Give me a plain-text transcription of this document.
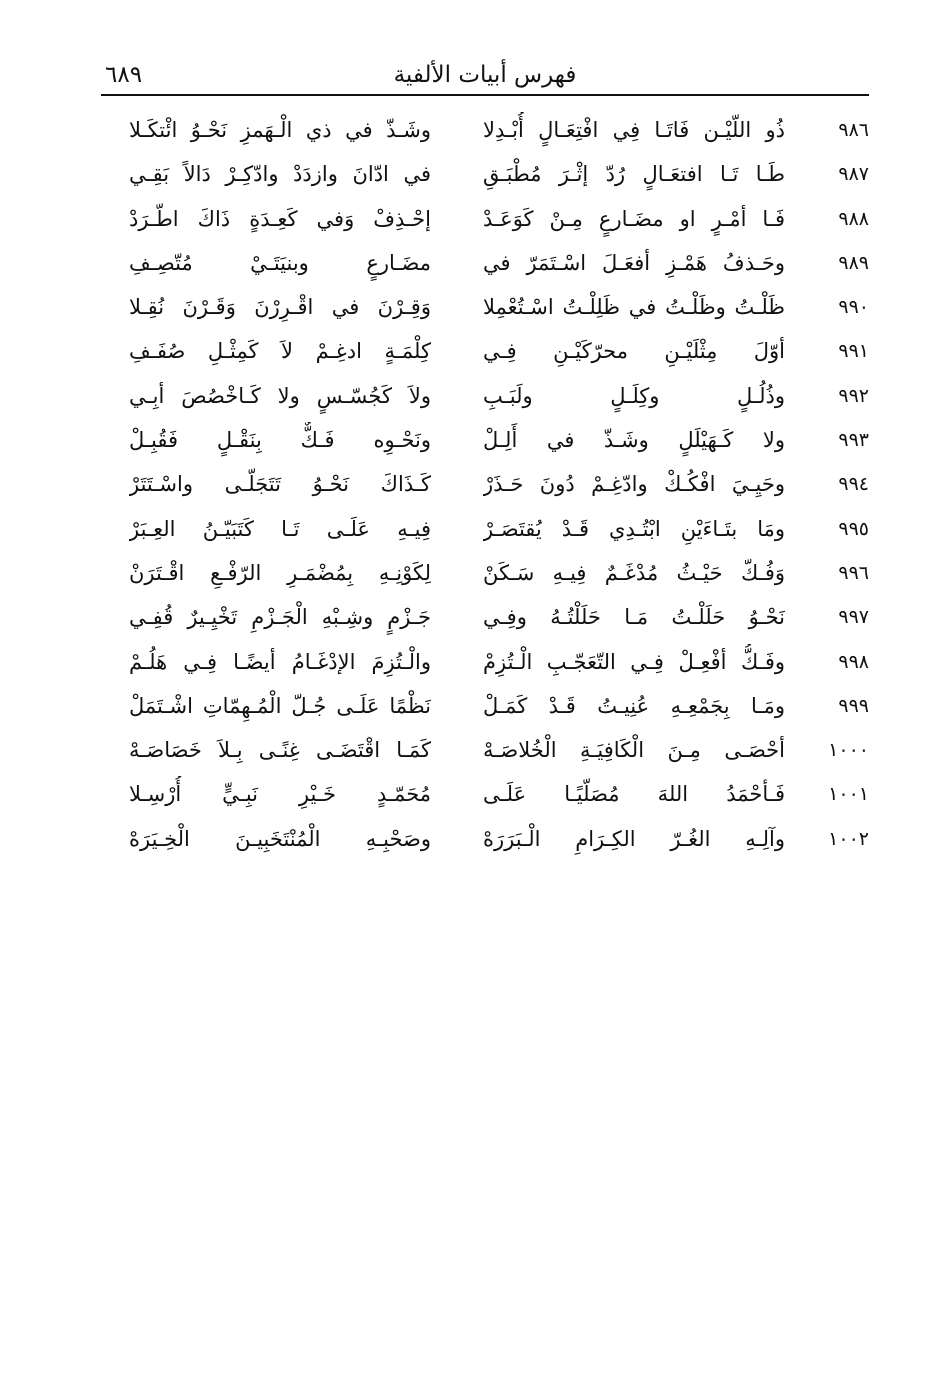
فهرس أبيات الألفية
٦٨٩
٩٨٦
ذُو اللّيْـن فَاتَـا فِي افْتِعَـالٍ أُبْـدِلا
وشَـذّ في ذي الْـهَمزِ نَحْـوُ ائْتكَـلا
٩٨٧
طَـا تَـا افتعَـالٍ رُدّ إثْـرَ مُطْبَـقِ
في ادّانَ وازدَدْ وادّكِـرْ دَالاً بَقِـي
٩٨٨
فَـا أمْـرٍ او مضَـارعٍ مِـنْ كَوَعَـدْ
إحْـذِفْ وَفي كَعِـدَةٍ ذَاكَ اطّـرَدْ
٩٨٩
وحَـذفُ هَمْـزِ أفعَـلَ اسْـتَمَرّ في
مضَـارعٍ وبنيَتَـيْ مُتّصِـفِ
٩٩٠
ظَلْـتُ وظَلْـتُ في ظَلِلْـتُ اسْـتُعْمِلا
وَقِـرْنَ في اقْـرِرْنَ وَقَـرْنَ نُقِـلا
٩٩١
أوّلَ مِثْلَيْـنِ محرّكَيْـنِ فِـي
كِلْمَـةٍ ادغِـمْ لاَ كَمِثْـلِ صُفَـفِ
٩٩٢
وذُلُـلٍ وكِلَـلٍ ولَبَـبِ
ولاَ كَجُسّـسٍ ولا كَـاخْصُصَ أبِـي
٩٩٣
ولا كَـهَيْلَلٍ وشَـذّ في أَلِـلْ
ونَحْـوِه فَـكٌّ بِنَقْـلٍ فَقُبِـلْ
٩٩٤
وحَيِـيَ افْكُـكْ وادّغِـمْ دُونَ حَـذَرْ
كَـذَاكَ نَحْـوُ تَتَجَلّـى واسْـتَتَرْ
٩٩٥
ومَا بتَـاءَيْنِ ابْتُـدِي قَـدْ يُقتَصَـرْ
فِيـهِ عَلَـى تَـا كَتَبَيّـنُ العِـبَرْ
٩٩٦
وَفُـكّ حَيْـثُ مُدْغَـمٌ فِيـهِ سَـكَنْ
لِكَوْنِـهِ بِمُضْمَـرِ الرّفْـعِ اقْـتَرَنْ
٩٩٧
نَحْـوُ حَلَلْـتُ مَـا حَلَلْتُـهُ وفِـي
جَـزْمٍ وشِـبْهِ الْجَـزْمِ تَخْيِـيرٌ قُفِـي
٩٩٨
وفَـكُّ أفْعِـلْ فِـي التّعَجّـبِ الْـتُزِمْ
والْـتُزِمَ الإدْغَـامُ أيضًـا فِـي هَلُـمْ
٩٩٩
ومَـا بِجَمْعِـهِ عُنِيـتُ قَـدْ كَمَـلْ
نَظْمًا عَلَـى جُـلّ الْمُـهِمّاتِ اشْـتَمَلْ
١٠٠٠
أحْصَـى مِـنَ الْكَافِيَـةِ الْخُلاصَـهْ
كَمَـا اقْتَضَـى غِنًـى بِـلاَ خَصَاصَـهْ
١٠٠١
فَـأحْمَدُ اللهَ مُصَلّيًـا عَلَـى
مُحَمّـدٍ خَـيْرِ نَبِـيٍّ أُرْسِـلا
١٠٠٢
وآلِـهِ الغُـرّ الكِـرَامِ الْـبَرَرَهْ
وصَحْبِـهِ الْمُنْتَخَبِيـنَ الْخِـيَرَهْ
